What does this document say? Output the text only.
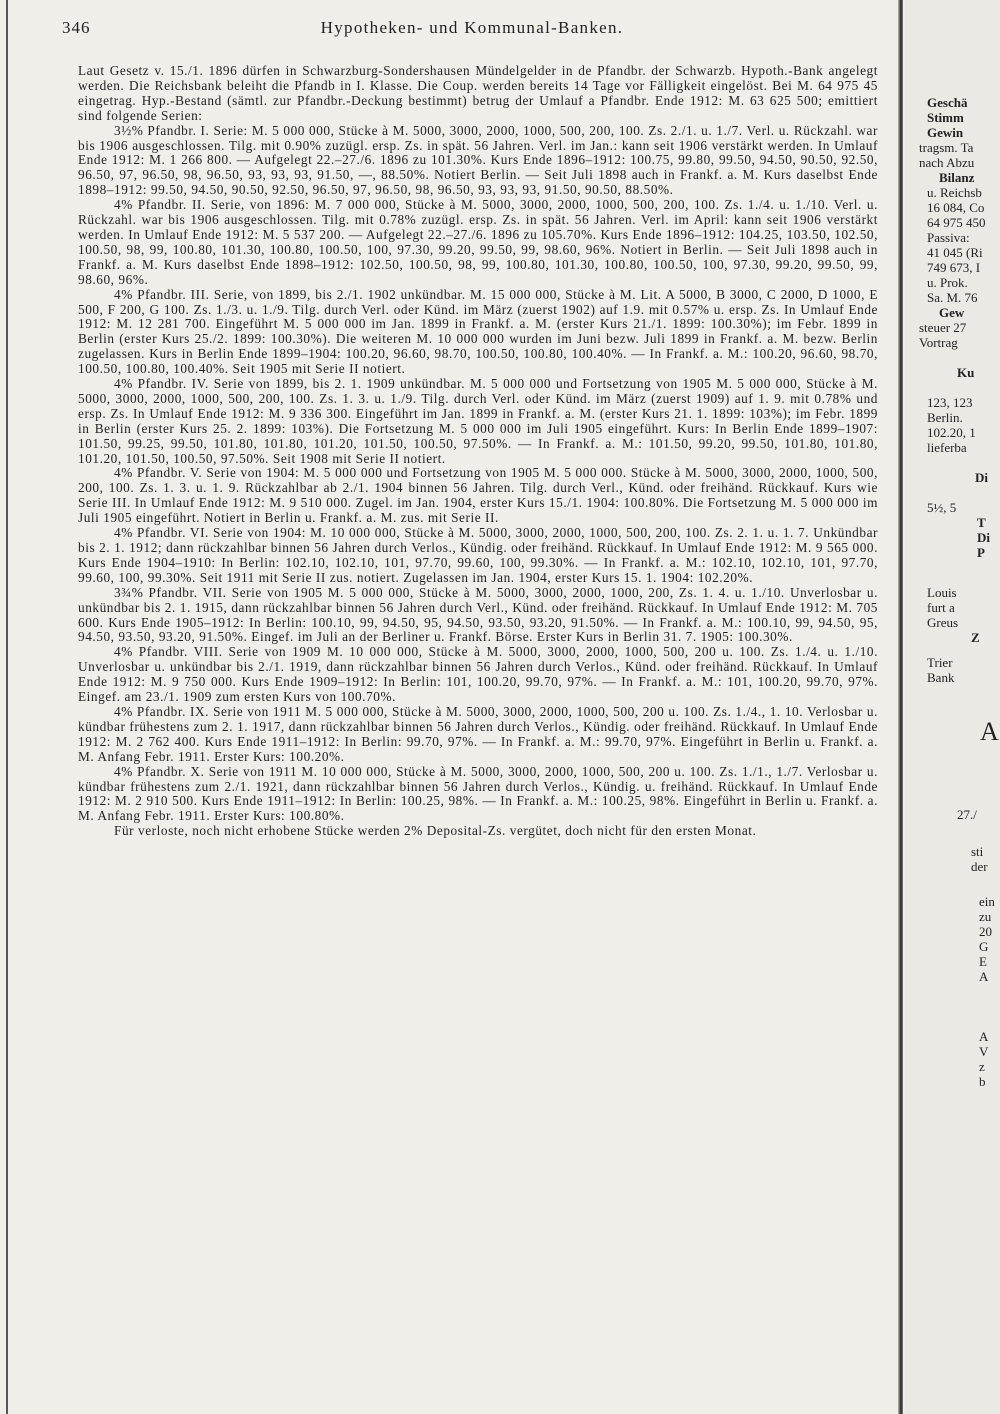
346	Hypotheken- und Kommunal-Banken.

Laut Gesetz v. 15./1. 1896 dürfen in Schwarzburg-Sondershausen Mündelgelder in de Pfandbr. der Schwarzb. Hypoth.-Bank angelegt werden. Die Reichsbank beleiht die Pfandb in I. Klasse. Die Coup. werden bereits 14 Tage vor Fälligkeit eingelöst. Bei M. 64 975 45 eingetrag. Hyp.-Bestand (sämtl. zur Pfandbr.-Deckung bestimmt) betrug der Umlauf a Pfandbr. Ende 1912: M. 63 625 500; emittiert sind folgende Serien:

3½% Pfandbr. I. Serie: M. 5 000 000, Stücke à M. 5000, 3000, 2000, 1000, 500, 200, 100. Zs. 2./1. u. 1./7. Verl. u. Rückzahl. war bis 1906 ausgeschlossen. Tilg. mit 0.90% zuzügl. ersp. Zs. in spät. 56 Jahren. Verl. im Jan.: kann seit 1906 verstärkt werden. In Umlauf Ende 1912: M. 1 266 800. — Aufgelegt 22.–27./6. 1896 zu 101.30%. Kurs Ende 1896–1912: 100.75, 99.80, 99.50, 94.50, 90.50, 92.50, 96.50, 97, 96.50, 98, 96.50, 93, 93, 93, 91.50, —, 88.50%. Notiert Berlin. — Seit Juli 1898 auch in Frankf. a. M. Kurs daselbst Ende 1898–1912: 99.50, 94.50, 90.50, 92.50, 96.50, 97, 96.50, 98, 96.50, 93, 93, 93, 91.50, 90.50, 88.50%.

4% Pfandbr. II. Serie, von 1896: M. 7 000 000, Stücke à M. 5000, 3000, 2000, 1000, 500, 200, 100. Zs. 1./4. u. 1./10. Verl. u. Rückzahl. war bis 1906 ausgeschlossen. Tilg. mit 0.78% zuzügl. ersp. Zs. in spät. 56 Jahren. Verl. im April: kann seit 1906 verstärkt werden. In Umlauf Ende 1912: M. 5 537 200. — Aufgelegt 22.–27./6. 1896 zu 105.70%. Kurs Ende 1896–1912: 104.25, 103.50, 102.50, 100.50, 98, 99, 100.80, 101.30, 100.80, 100.50, 100, 97.30, 99.20, 99.50, 99, 98.60, 96%. Notiert in Berlin. — Seit Juli 1898 auch in Frankf. a. M. Kurs daselbst Ende 1898–1912: 102.50, 100.50, 98, 99, 100.80, 101.30, 100.80, 100.50, 100, 97.30, 99.20, 99.50, 99, 98.60, 96%.

4% Pfandbr. III. Serie, von 1899, bis 2./1. 1902 unkündbar. M. 15 000 000, Stücke à M. Lit. A 5000, B 3000, C 2000, D 1000, E 500, F 200, G 100. Zs. 1./3. u. 1./9. Tilg. durch Verl. oder Künd. im März (zuerst 1902) auf 1.9. mit 0.57% u. ersp. Zs. In Umlauf Ende 1912: M. 12 281 700. Eingeführt M. 5 000 000 im Jan. 1899 in Frankf. a. M. (erster Kurs 21./1. 1899: 100.30%); im Febr. 1899 in Berlin (erster Kurs 25./2. 1899: 100.30%). Die weiteren M. 10 000 000 wurden im Juni bezw. Juli 1899 in Frankf. a. M. bezw. Berlin zugelassen. Kurs in Berlin Ende 1899–1904: 100.20, 96.60, 98.70, 100.50, 100.80, 100.40%. — In Frankf. a. M.: 100.20, 96.60, 98.70, 100.50, 100.80, 100.40%. Seit 1905 mit Serie II notiert.

4% Pfandbr. IV. Serie von 1899, bis 2. 1. 1909 unkündbar. M. 5 000 000 und Fortsetzung von 1905 M. 5 000 000, Stücke à M. 5000, 3000, 2000, 1000, 500, 200, 100. Zs. 1. 3. u. 1./9. Tilg. durch Verl. oder Künd. im März (zuerst 1909) auf 1. 9. mit 0.78% und ersp. Zs. In Umlauf Ende 1912: M. 9 336 300. Eingeführt im Jan. 1899 in Frankf. a. M. (erster Kurs 21. 1. 1899: 103%); im Febr. 1899 in Berlin (erster Kurs 25. 2. 1899: 103%). Die Fortsetzung M. 5 000 000 im Juli 1905 eingeführt. Kurs: In Berlin Ende 1899–1907: 101.50, 99.25, 99.50, 101.80, 101.80, 101.20, 101.50, 100.50, 97.50%. — In Frankf. a. M.: 101.50, 99.20, 99.50, 101.80, 101.80, 101.20, 101.50, 100.50, 97.50%. Seit 1908 mit Serie II notiert.

4% Pfandbr. V. Serie von 1904: M. 5 000 000 und Fortsetzung von 1905 M. 5 000 000. Stücke à M. 5000, 3000, 2000, 1000, 500, 200, 100. Zs. 1. 3. u. 1. 9. Rückzahlbar ab 2./1. 1904 binnen 56 Jahren. Tilg. durch Verl., Künd. oder freihänd. Rückkauf. Kurs wie Serie III. In Umlauf Ende 1912: M. 9 510 000. Zugel. im Jan. 1904, erster Kurs 15./1. 1904: 100.80%. Die Fortsetzung M. 5 000 000 im Juli 1905 eingeführt. Notiert in Berlin u. Frankf. a. M. zus. mit Serie II.

4% Pfandbr. VI. Serie von 1904: M. 10 000 000, Stücke à M. 5000, 3000, 2000, 1000, 500, 200, 100. Zs. 2. 1. u. 1. 7. Unkündbar bis 2. 1. 1912; dann rückzahlbar binnen 56 Jahren durch Verlos., Kündig. oder freihänd. Rückkauf. In Umlauf Ende 1912: M. 9 565 000. Kurs Ende 1904–1910: In Berlin: 102.10, 102.10, 101, 97.70, 99.60, 100, 99.30%. — In Frankf. a. M.: 102.10, 102.10, 101, 97.70, 99.60, 100, 99.30%. Seit 1911 mit Serie II zus. notiert. Zugelassen im Jan. 1904, erster Kurs 15. 1. 1904: 102.20%.

3¾% Pfandbr. VII. Serie von 1905 M. 5 000 000, Stücke à M. 5000, 3000, 2000, 1000, 200, Zs. 1. 4. u. 1./10. Unverlosbar u. unkündbar bis 2. 1. 1915, dann rückzahlbar binnen 56 Jahren durch Verl., Künd. oder freihänd. Rückkauf. In Umlauf Ende 1912: M. 705 600. Kurs Ende 1905–1912: In Berlin: 100.10, 99, 94.50, 95, 94.50, 93.50, 93.20, 91.50%. — In Frankf. a. M.: 100.10, 99, 94.50, 95, 94.50, 93.50, 93.20, 91.50%. Eingef. im Juli an der Berliner u. Frankf. Börse. Erster Kurs in Berlin 31. 7. 1905: 100.30%.

4% Pfandbr. VIII. Serie von 1909 M. 10 000 000, Stücke à M. 5000, 3000, 2000, 1000, 500, 200 u. 100. Zs. 1./4. u. 1./10. Unverlosbar u. unkündbar bis 2./1. 1919, dann rückzahlbar binnen 56 Jahren durch Verlos., Künd. oder freihänd. Rückkauf. In Umlauf Ende 1912: M. 9 750 000. Kurs Ende 1909–1912: In Berlin: 101, 100.20, 99.70, 97%. — In Frankf. a. M.: 101, 100.20, 99.70, 97%. Eingef. am 23./1. 1909 zum ersten Kurs von 100.70%.

4% Pfandbr. IX. Serie von 1911 M. 5 000 000, Stücke à M. 5000, 3000, 2000, 1000, 500, 200 u. 100. Zs. 1./4., 1. 10. Verlosbar u. kündbar frühestens zum 2. 1. 1917, dann rückzahlbar binnen 56 Jahren durch Verlos., Kündig. oder freihänd. Rückkauf. In Umlauf Ende 1912: M. 2 762 400. Kurs Ende 1911–1912: In Berlin: 99.70, 97%. — In Frankf. a. M.: 99.70, 97%. Eingeführt in Berlin u. Frankf. a. M. Anfang Febr. 1911. Erster Kurs: 100.20%.

4% Pfandbr. X. Serie von 1911 M. 10 000 000, Stücke à M. 5000, 3000, 2000, 1000, 500, 200 u. 100. Zs. 1./1., 1./7. Verlosbar u. kündbar frühestens zum 2./1. 1921, dann rückzahlbar binnen 56 Jahren durch Verlos., Kündig. u. freihänd. Rückkauf. In Umlauf Ende 1912: M. 2 910 500. Kurs Ende 1911–1912: In Berlin: 100.25, 98%. — In Frankf. a. M.: 100.25, 98%. Eingeführt in Berlin u. Frankf. a. M. Anfang Febr. 1911. Erster Kurs: 100.80%.

Für verloste, noch nicht erhobene Stücke werden 2% Deposital-Zs. vergütet, doch nicht für den ersten Monat.

Geschä
Stimm
Gewin
tragsm. Ta
nach Abzu
Bilanz
u. Reichsb
16 084, Co
64 975 450
Passiva:
41 045 (Ri
749 673, I
u. Prok.
Sa. M. 76
Gew
steuer 27
Vortrag
Ku
123, 123
Berlin.
102.20, 1
lieferba
Di
5½, 5
T
Di
P
Louis
furt a
Greus
Z
Trier
Bank
A
27./
sti
der
ein
zu
20
G
E
A
A
V
z
b
